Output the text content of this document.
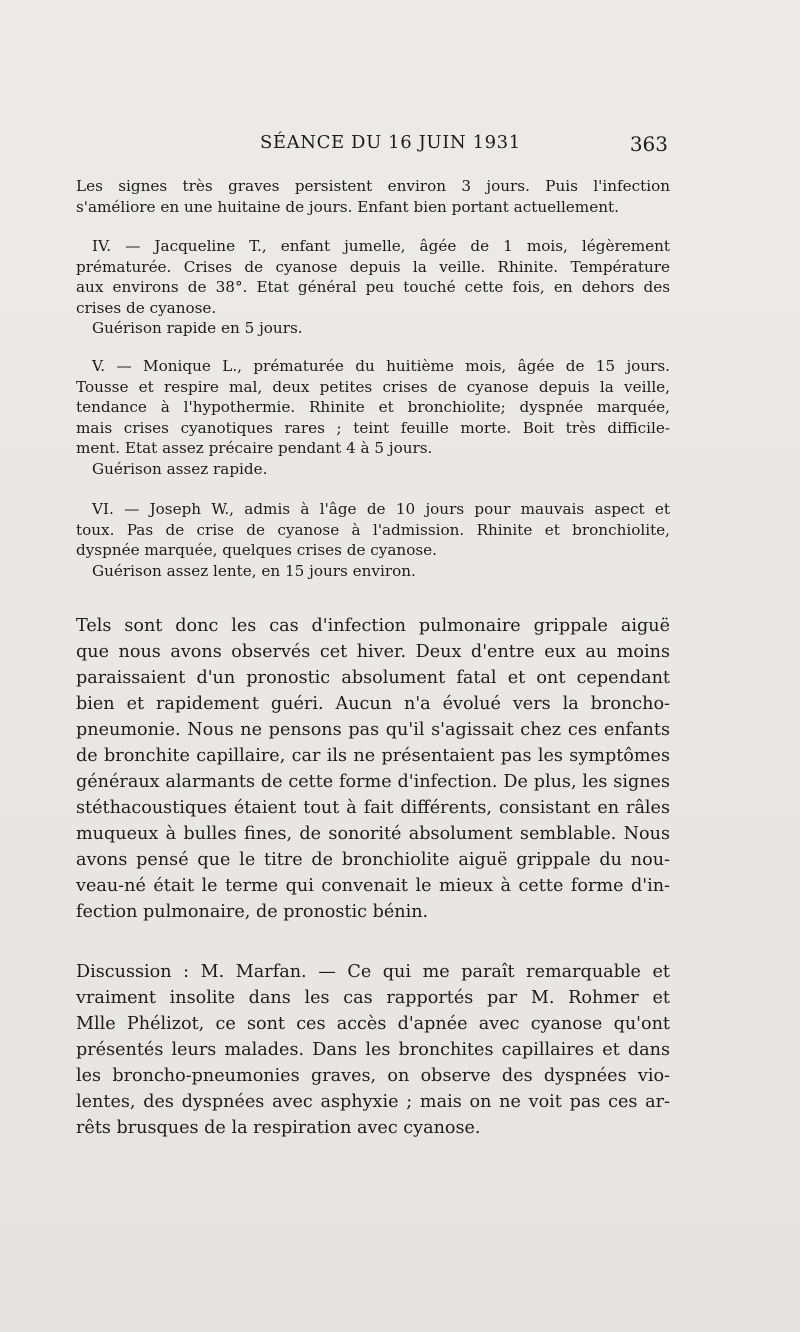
SÉANCE DU 16 JUIN 1931	363
Les signes très graves persistent environ 3 jours. Puis l'infection
s'améliore en une huitaine de jours. Enfant bien portant actuellement.
IV. — Jacqueline T., enfant jumelle, âgée de 1 mois, légèrement
prématurée. Crises de cyanose depuis la veille. Rhinite. Température
aux environs de 38°. Etat général peu touché cette fois, en dehors des
crises de cyanose.
Guérison rapide en 5 jours.
V. — Monique L., prématurée du huitième mois, âgée de 15 jours.
Tousse et respire mal, deux petites crises de cyanose depuis la veille,
tendance à l'hypothermie. Rhinite et bronchiolite; dyspnée marquée,
mais crises cyanotiques rares ; teint feuille morte. Boit très difficile-
ment. Etat assez précaire pendant 4 à 5 jours.
Guérison assez rapide.
VI. — Joseph W., admis à l'âge de 10 jours pour mauvais aspect et
toux. Pas de crise de cyanose à l'admission. Rhinite et bronchiolite,
dyspnée marquée, quelques crises de cyanose.
Guérison assez lente, en 15 jours environ.
Tels sont donc les cas d'infection pulmonaire grippale aiguë
que nous avons observés cet hiver. Deux d'entre eux au moins
paraissaient d'un pronostic absolument fatal et ont cependant
bien et rapidement guéri. Aucun n'a évolué vers la broncho-
pneumonie. Nous ne pensons pas qu'il s'agissait chez ces enfants
de bronchite capillaire, car ils ne présentaient pas les symptômes
généraux alarmants de cette forme d'infection. De plus, les signes
stéthacoustiques étaient tout à fait différents, consistant en râles
muqueux à bulles fines, de sonorité absolument semblable. Nous
avons pensé que le titre de bronchiolite aiguë grippale du nou-
veau-né était le terme qui convenait le mieux à cette forme d'in-
fection pulmonaire, de pronostic bénin.
Discussion : M. Marfan. — Ce qui me paraît remarquable et
vraiment insolite dans les cas rapportés par M. Rohmer et
Mlle Phélizot, ce sont ces accès d'apnée avec cyanose qu'ont
présentés leurs malades. Dans les bronchites capillaires et dans
les broncho-pneumonies graves, on observe des dyspnées vio-
lentes, des dyspnées avec asphyxie ; mais on ne voit pas ces ar-
rêts brusques de la respiration avec cyanose.
